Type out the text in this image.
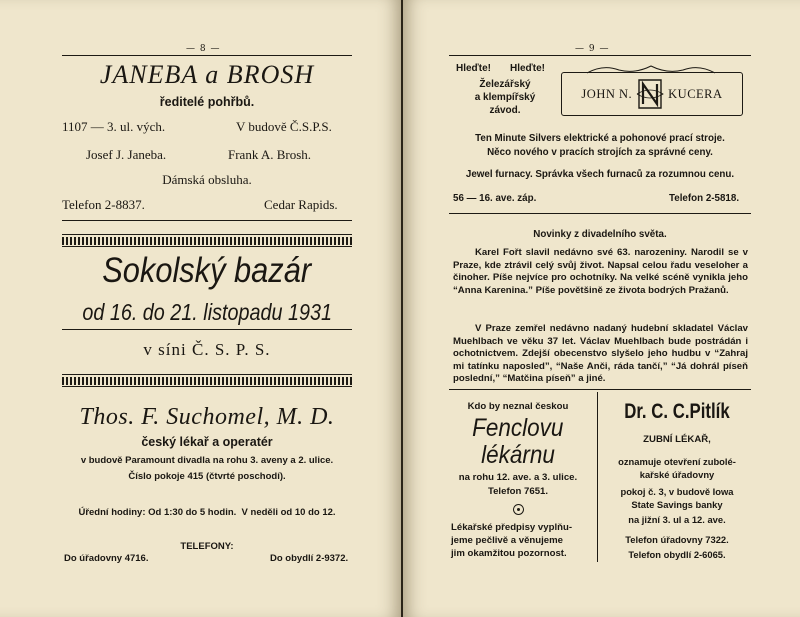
— 8 —
JANEBA a BROSH
ředitelé pohřbů.
1107 — 3. ul. vých.	V budově Č.S.P.S.
Josef J. Janeba.	Frank A. Brosh.
Dámská obsluha.
Telefon 2-8837.	Cedar Rapids.
Sokolský bazár
od 16. do 21. listopadu 1931
v síni Č. S. P. S.
Thos. F. Suchomel, M. D.
český lékař a operatér
v budově Paramount divadla na rohu 3. aveny a 2. ulice.
Číslo pokoje 415 (čtvrté poschodí).
Úřední hodiny: Od 1:30 do 5 hodin.  V neděli od 10 do 12.
TELEFONY:
Do úřadovny 4716.	Do obydlí 2-9372.
— 9 —
Hleďte! Hleďte!
Železářský
a klempířský
závod.
JOHN N.	KUCERA
Ten Minute Silvers elektrické a pohonové prací stroje.
Něco nového v pracích strojích za správné ceny.
Jewel furnacy. Správka všech furnaců za rozumnou cenu.
56 — 16. ave. záp.	Telefon 2-5818.
Novinky z divadelního světa.
Karel Fořt slavil nedávno své 63. narozeniny. Narodil se v Praze, kde ztrávil celý svůj život. Napsal celou řadu veseloher a činoher. Píše nejvíce pro ochotníky. Na velké scéně vynikla jeho “Anna Karenina.” Píše povětšině ze života bodrých Pražanů.
V Praze zemřel nedávno nadaný hudební skladatel Václav Muehlbach ve věku 37 let. Václav Muehlbach bude postrádán i ochotnictvem. Zdejší obecenstvo slyšelo jeho hudbu v “Zahraj mi tatínku naposled”, “Naše Anči, ráda tančí,” “Já dohrál píseň poslední,” “Matčina píseň” a jiné.
Kdo by neznal českou
Fenclovu
lékárnu
na rohu 12. ave. a 3. ulice.
Telefon 7651.
Lékařské předpisy vyplňu-
jeme pečlivě a věnujeme
jim okamžitou pozornost.
Dr. C. C.Pitlík
ZUBNÍ LÉKAŘ,
oznamuje otevření zubolé-
kařské úřadovny
pokoj č. 3, v budově Iowa
State Savings banky
na jižní 3. ul a 12. ave.
Telefon úřadovny 7322.
Telefon obydlí 2-6065.
